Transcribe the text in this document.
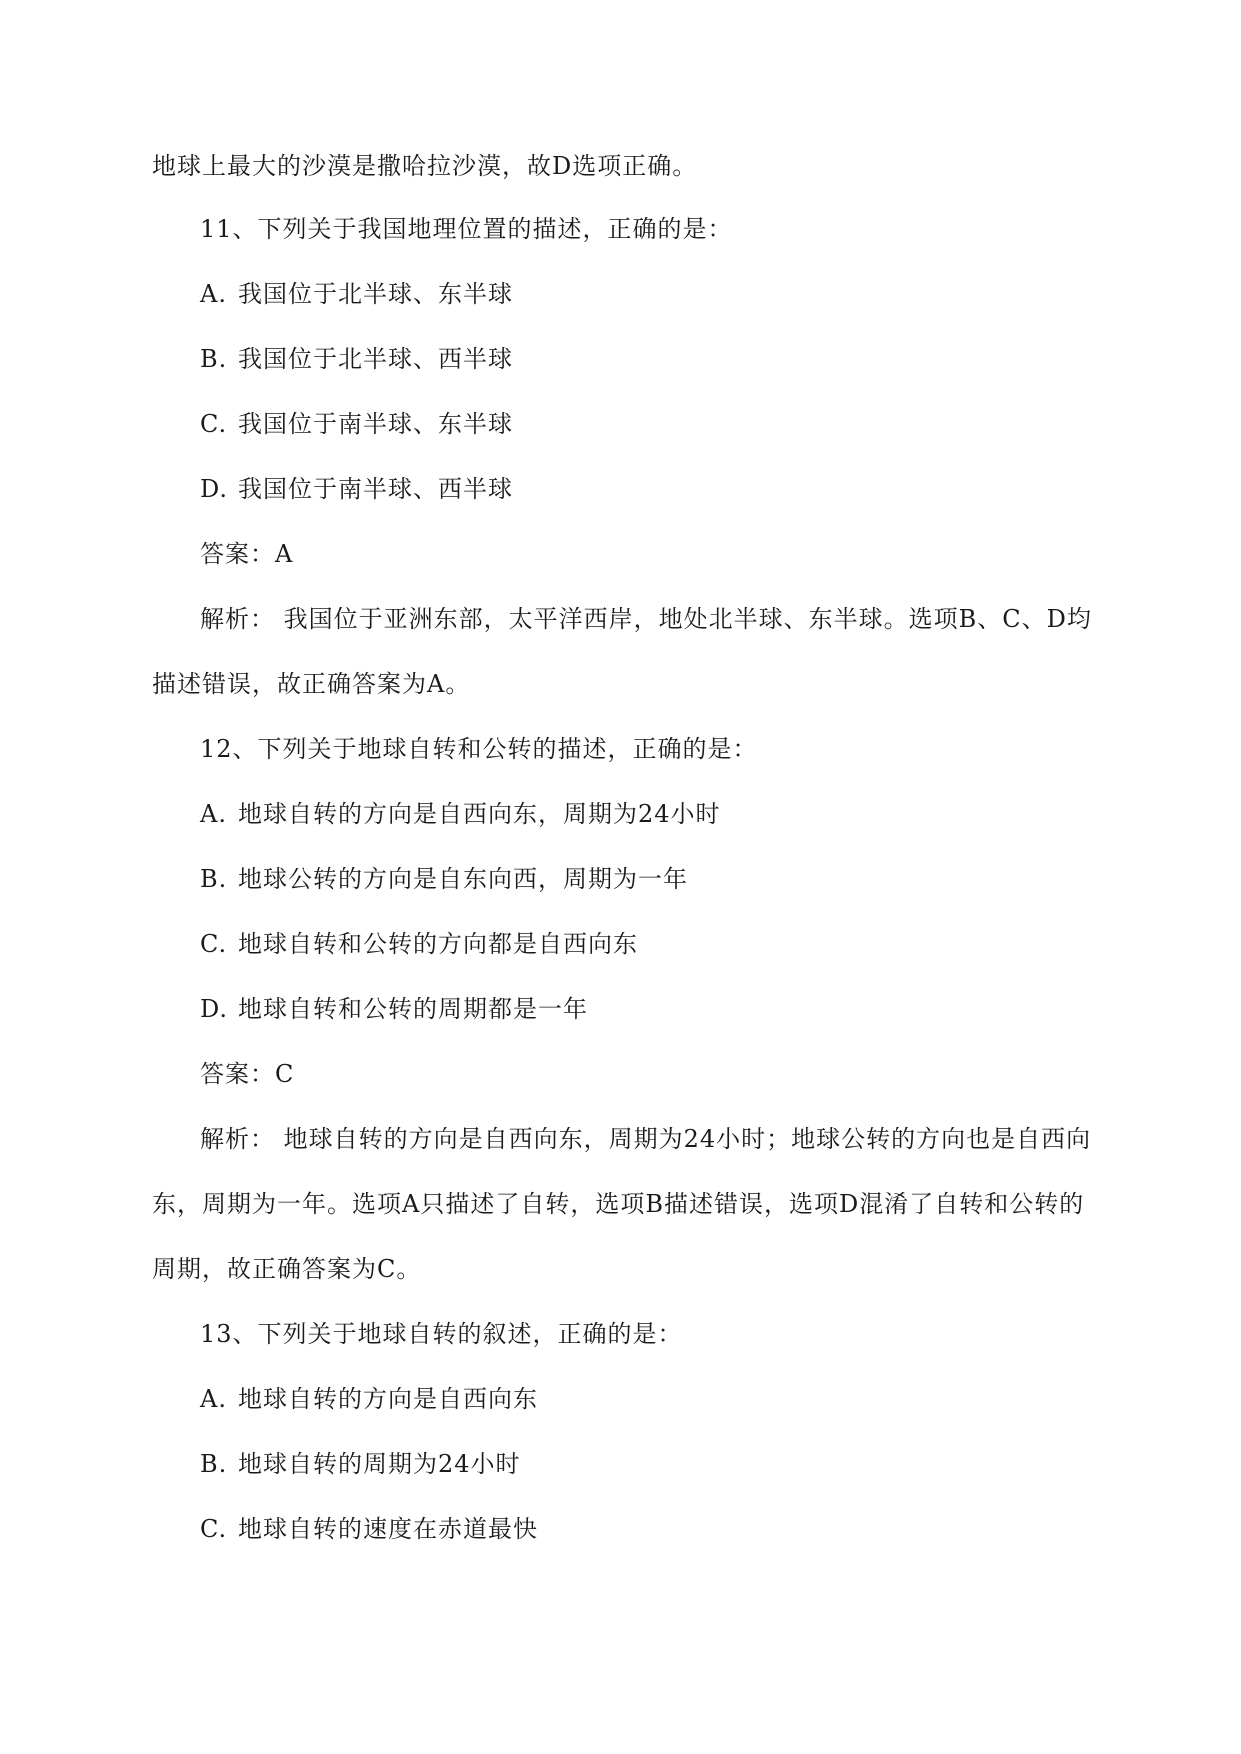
地球上最大的沙漠是撒哈拉沙漠，故D选项正确。
11、下列关于我国地理位置的描述，正确的是：
A. 我国位于北半球、东半球
B. 我国位于北半球、西半球
C. 我国位于南半球、东半球
D. 我国位于南半球、西半球
答案：A
解析： 我国位于亚洲东部，太平洋西岸，地处北半球、东半球。选项B、C、D均
描述错误，故正确答案为A。
12、下列关于地球自转和公转的描述，正确的是：
A. 地球自转的方向是自西向东，周期为24小时
B. 地球公转的方向是自东向西，周期为一年
C. 地球自转和公转的方向都是自西向东
D. 地球自转和公转的周期都是一年
答案：C
解析： 地球自转的方向是自西向东，周期为24小时；地球公转的方向也是自西向
东，周期为一年。选项A只描述了自转，选项B描述错误，选项D混淆了自转和公转的
周期，故正确答案为C。
13、下列关于地球自转的叙述，正确的是：
A. 地球自转的方向是自西向东
B. 地球自转的周期为24小时
C. 地球自转的速度在赤道最快
